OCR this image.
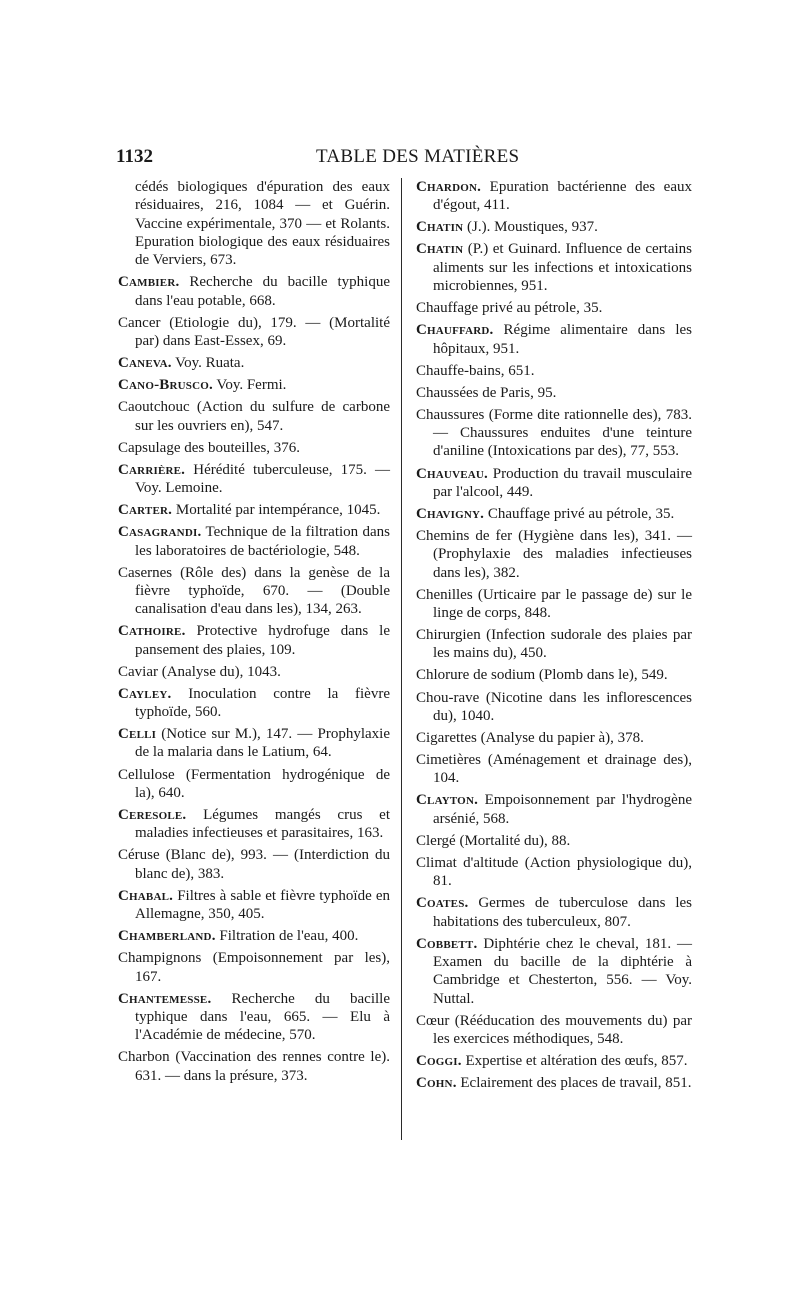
1132	TABLE DES MATIÈRES

cédés biologiques d'épuration des eaux résiduaires, 216, 1084 — et Guérin. Vaccine expérimentale, 370 — et Rolants. Epuration biologique des eaux résiduaires de Verviers, 673.

Cambier. Recherche du bacille typhique dans l'eau potable, 668.

Cancer (Etiologie du), 179. — (Mortalité par) dans East-Essex, 69.

Caneva. Voy. Ruata.

Cano-Brusco. Voy. Fermi.

Caoutchouc (Action du sulfure de carbone sur les ouvriers en), 547.

Capsulage des bouteilles, 376.

Carrière. Hérédité tuberculeuse, 175. — Voy. Lemoine.

Carter. Mortalité par intempérance, 1045.

Casagrandi. Technique de la filtration dans les laboratoires de bactériologie, 548.

Casernes (Rôle des) dans la genèse de la fièvre typhoïde, 670. — (Double canalisation d'eau dans les), 134, 263.

Cathoire. Protective hydrofuge dans le pansement des plaies, 109.

Caviar (Analyse du), 1043.

Cayley. Inoculation contre la fièvre typhoïde, 560.

Celli (Notice sur M.), 147. — Prophylaxie de la malaria dans le Latium, 64.

Cellulose (Fermentation hydrogénique de la), 640.

Ceresole. Légumes mangés crus et maladies infectieuses et parasitaires, 163.

Céruse (Blanc de), 993. — (Interdiction du blanc de), 383.

Chabal. Filtres à sable et fièvre typhoïde en Allemagne, 350, 405.

Chamberland. Filtration de l'eau, 400.

Champignons (Empoisonnement par les), 167.

Chantemesse. Recherche du bacille typhique dans l'eau, 665. — Elu à l'Académie de médecine, 570.

Charbon (Vaccination des rennes contre le). 631. — dans la présure, 373.

Chardon. Epuration bactérienne des eaux d'égout, 411.

Chatin (J.). Moustiques, 937.

Chatin (P.) et Guinard. Influence de certains aliments sur les infections et intoxications microbiennes, 951.

Chauffage privé au pétrole, 35.

Chauffard. Régime alimentaire dans les hôpitaux, 951.

Chauffe-bains, 651.

Chaussées de Paris, 95.

Chaussures (Forme dite rationnelle des), 783. — Chaussures enduites d'une teinture d'aniline (Intoxications par des), 77, 553.

Chauveau. Production du travail musculaire par l'alcool, 449.

Chavigny. Chauffage privé au pétrole, 35.

Chemins de fer (Hygiène dans les), 341. — (Prophylaxie des maladies infectieuses dans les), 382.

Chenilles (Urticaire par le passage de) sur le linge de corps, 848.

Chirurgien (Infection sudorale des plaies par les mains du), 450.

Chlorure de sodium (Plomb dans le), 549.

Chou-rave (Nicotine dans les inflorescences du), 1040.

Cigarettes (Analyse du papier à), 378.

Cimetières (Aménagement et drainage des), 104.

Clayton. Empoisonnement par l'hydrogène arsénié, 568.

Clergé (Mortalité du), 88.

Climat d'altitude (Action physiologique du), 81.

Coates. Germes de tuberculose dans les habitations des tuberculeux, 807.

Cobbett. Diphtérie chez le cheval, 181. — Examen du bacille de la diphtérie à Cambridge et Chesterton, 556. — Voy. Nuttal.

Cœur (Rééducation des mouvements du) par les exercices méthodiques, 548.

Coggi. Expertise et altération des œufs, 857.

Cohn. Eclairement des places de travail, 851.
